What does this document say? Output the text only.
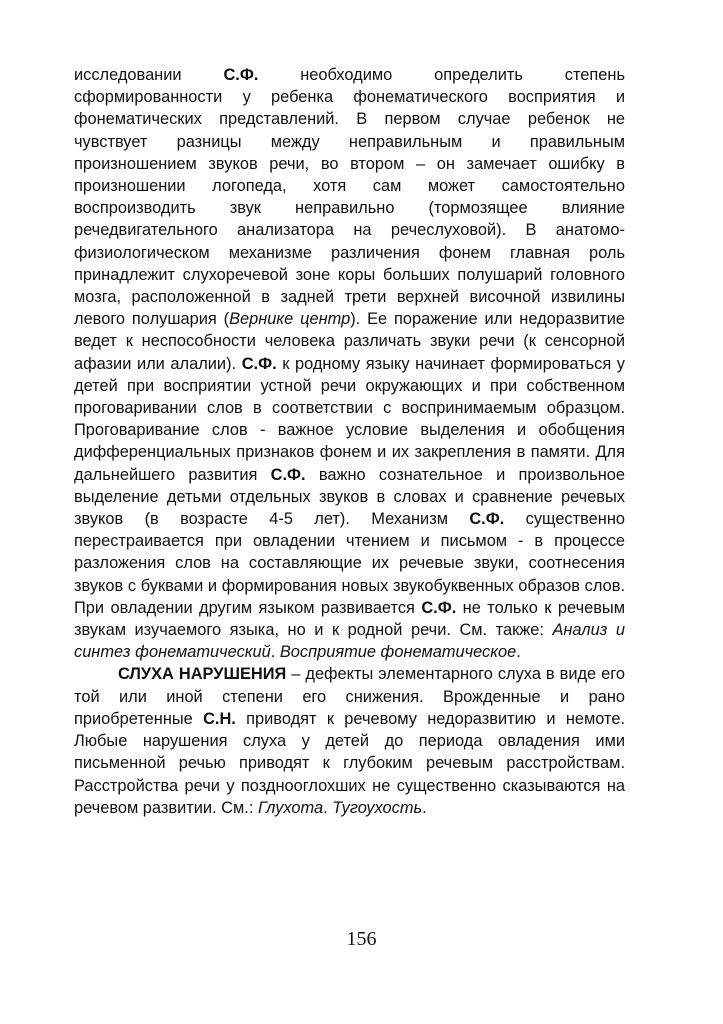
исследовании С.Ф. необходимо определить степень сформированности у ребенка фонематического восприятия и фонематических представлений. В первом случае ребенок не чувствует разницы между неправильным и правильным произношением звуков речи, во втором – он замечает ошибку в произношении логопеда, хотя сам может самостоятельно воспроизводить звук неправильно (тормозящее влияние речедвигательного анализатора на речеслуховой). В анатомо-физиологическом механизме различения фонем главная роль принадлежит слухоречевой зоне коры больших полушарий головного мозга, расположенной в задней трети верхней височной извилины левого полушария (Вернике центр). Ее поражение или недоразвитие ведет к неспособности человека различать звуки речи (к сенсорной афазии или алалии). С.Ф. к родному языку начинает формироваться у детей при восприятии устной речи окружающих и при собственном проговаривании слов в соответствии с воспринимаемым образцом. Проговаривание слов - важное условие выделения и обобщения дифференциальных признаков фонем и их закрепления в памяти. Для дальнейшего развития С.Ф. важно сознательное и произвольное выделение детьми отдельных звуков в словах и сравнение речевых звуков (в возрасте 4-5 лет). Механизм С.Ф. существенно перестраивается при овладении чтением и письмом - в процессе разложения слов на составляющие их речевые звуки, соотнесения звуков с буквами и формирования новых звукобуквенных образов слов. При овладении другим языком развивается С.Ф. не только к речевым звукам изучаемого языка, но и к родной речи. См. также: Анализ и синтез фонематический. Восприятие фонематическое.

СЛУХА НАРУШЕНИЯ – дефекты элементарного слуха в виде его той или иной степени его снижения. Врожденные и рано приобретенные С.Н. приводят к речевому недоразвитию и немоте. Любые нарушения слуха у детей до периода овладения ими письменной речью приводят к глубоким речевым расстройствам. Расстройства речи у позднооглохших не существенно сказываются на речевом развитии. См.: Глухота. Тугоухость.

156
